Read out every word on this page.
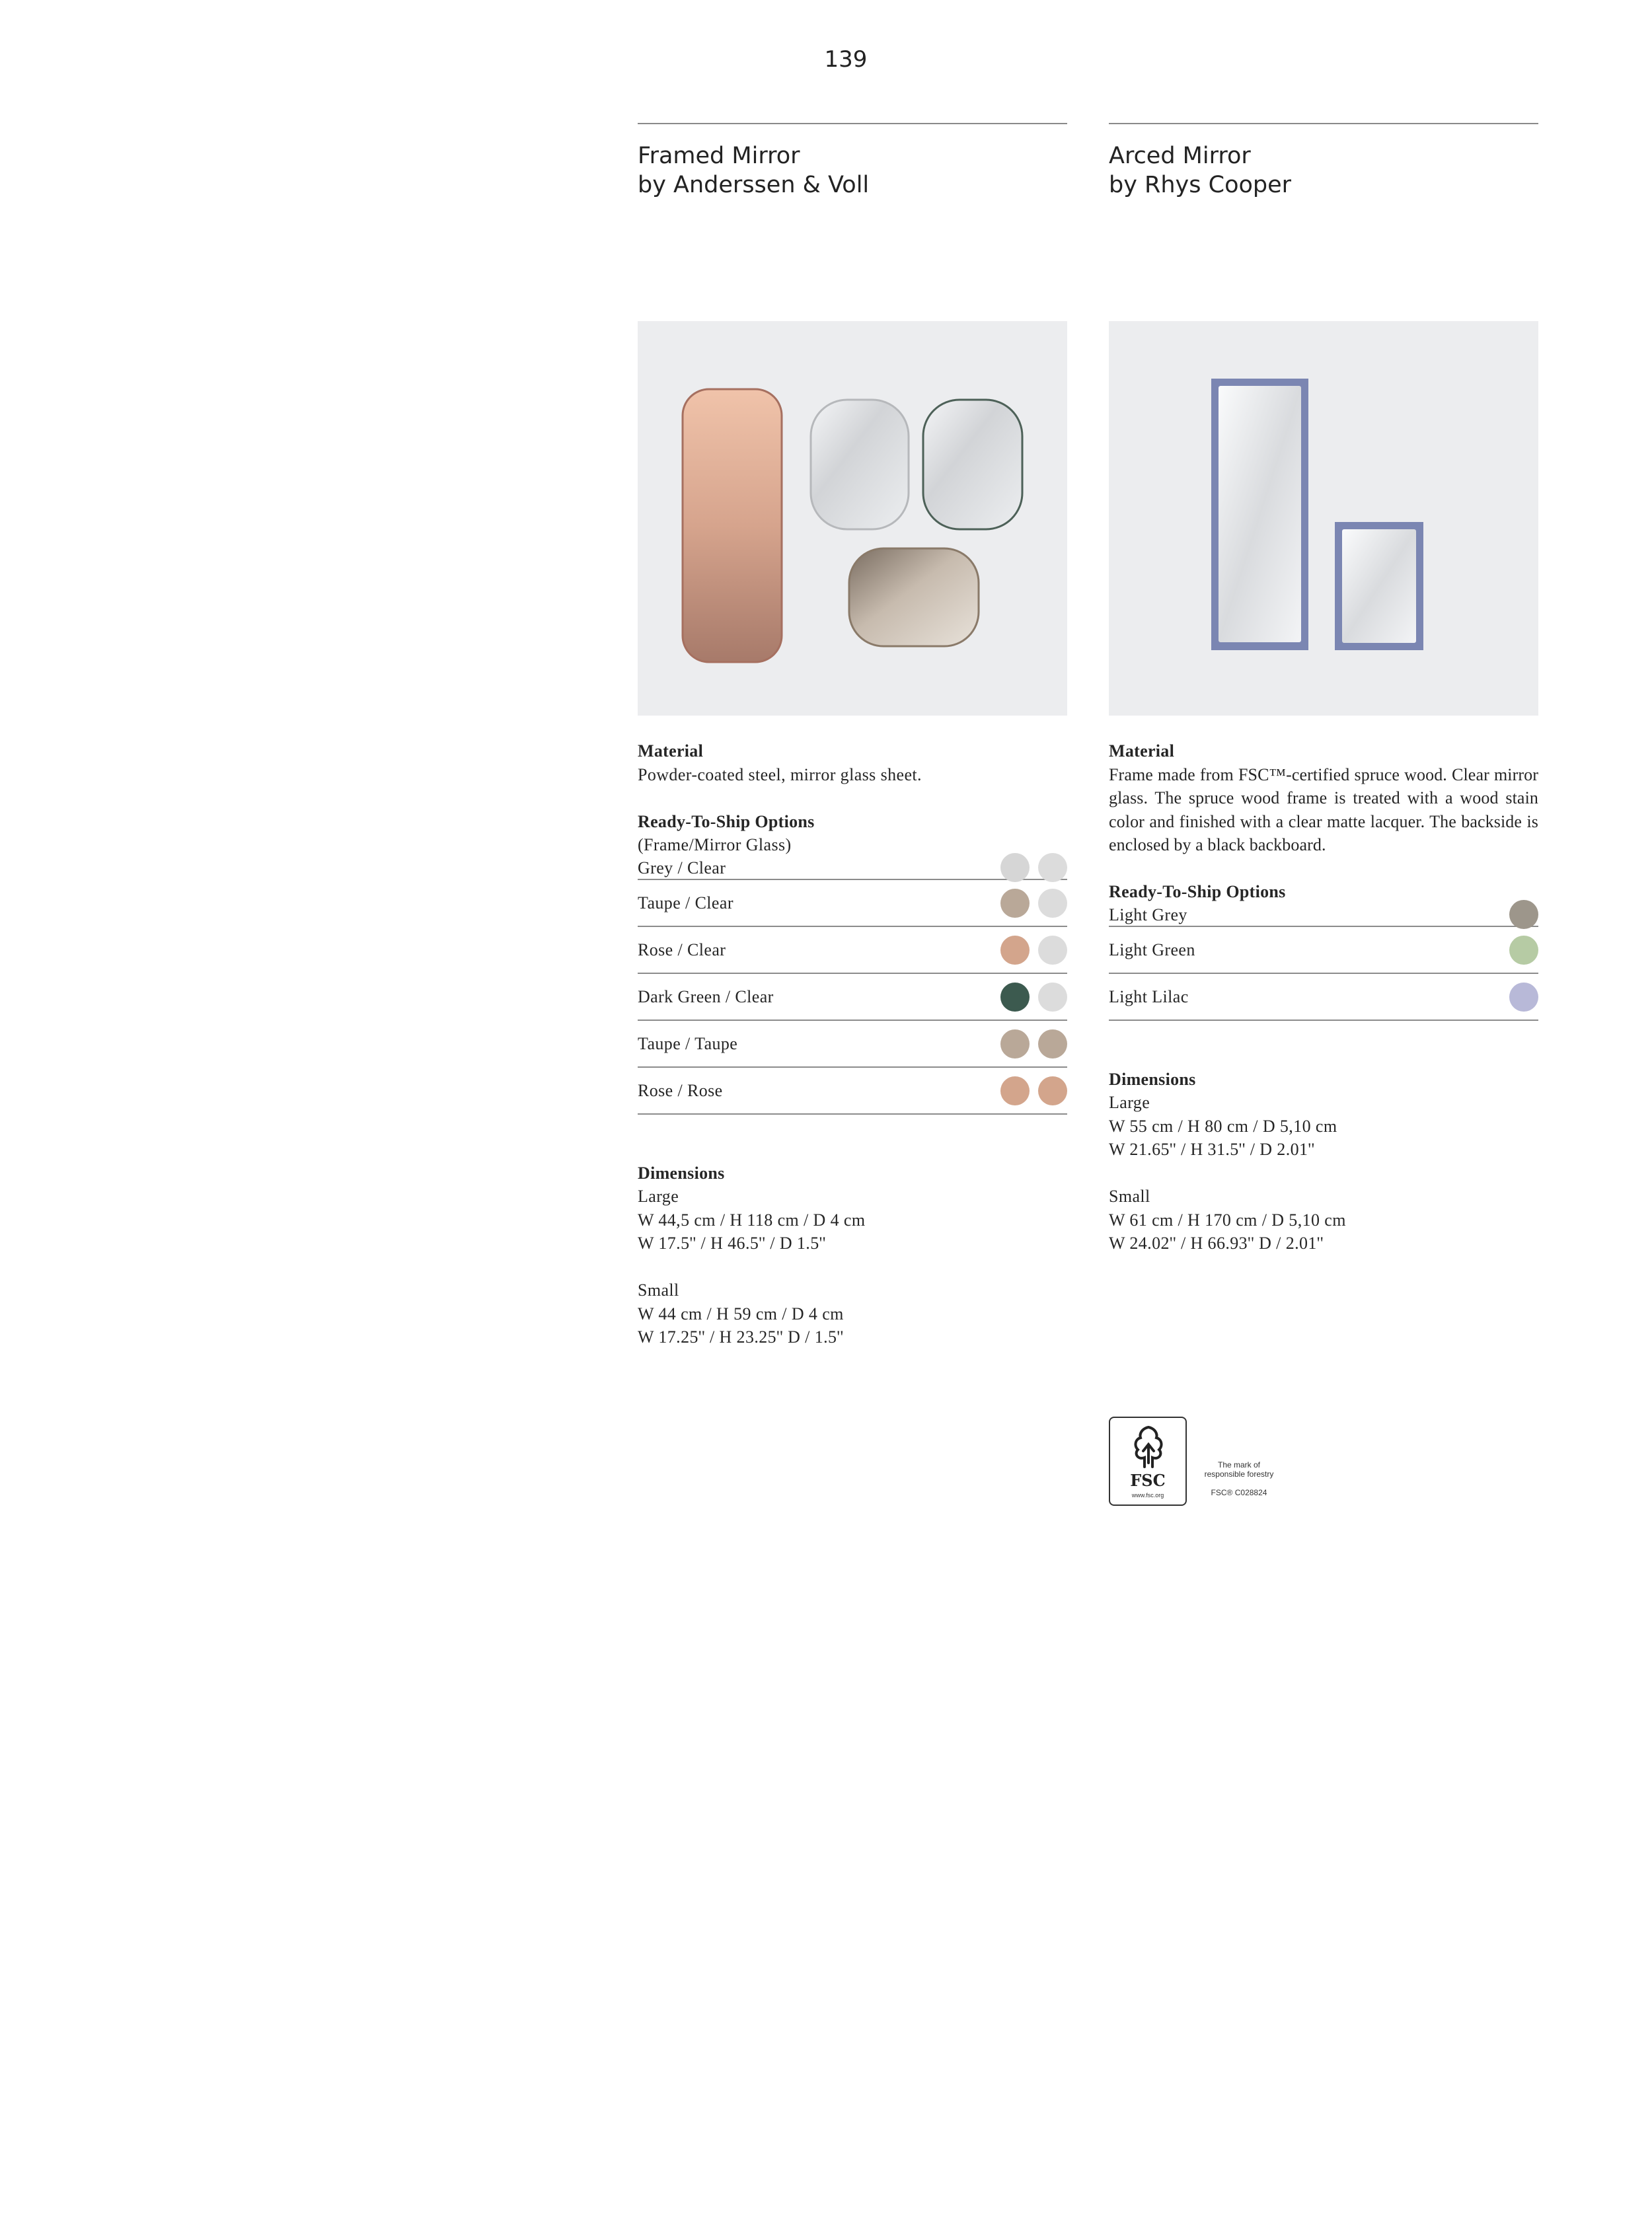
139
Framed Mirror
by Anderssen & Voll
Material
Powder-coated steel, mirror glass sheet.
Ready-To-Ship Options
(Frame/Mirror Glass)
Grey / Clear
Taupe / Clear
Rose / Clear
Dark Green / Clear
Taupe / Taupe
Rose / Rose
Dimensions
Large
W 44,5 cm / H 118 cm / D 4 cm
W 17.5'' / H 46.5'' / D 1.5''
Small
W 44 cm / H 59 cm / D 4 cm
W 17.25'' / H 23.25'' D / 1.5''
Arced Mirror
by Rhys Cooper
Material
Frame made from FSC™-certified spruce wood. Clear mirror glass. The spruce wood frame is treated with a wood stain color and finished with a clear matte lacquer. The backside is enclosed by a black backboard.
Ready-To-Ship Options
Light Grey
Light Green
Light Lilac
Dimensions
Large
W 55 cm / H 80 cm / D 5,10 cm
W 21.65'' / H 31.5'' / D 2.01''
Small
W 61 cm / H 170 cm / D 5,10 cm
W 24.02'' / H 66.93'' D / 2.01''
FSC
www.fsc.org
The mark of
responsible forestry
FSC® C028824
